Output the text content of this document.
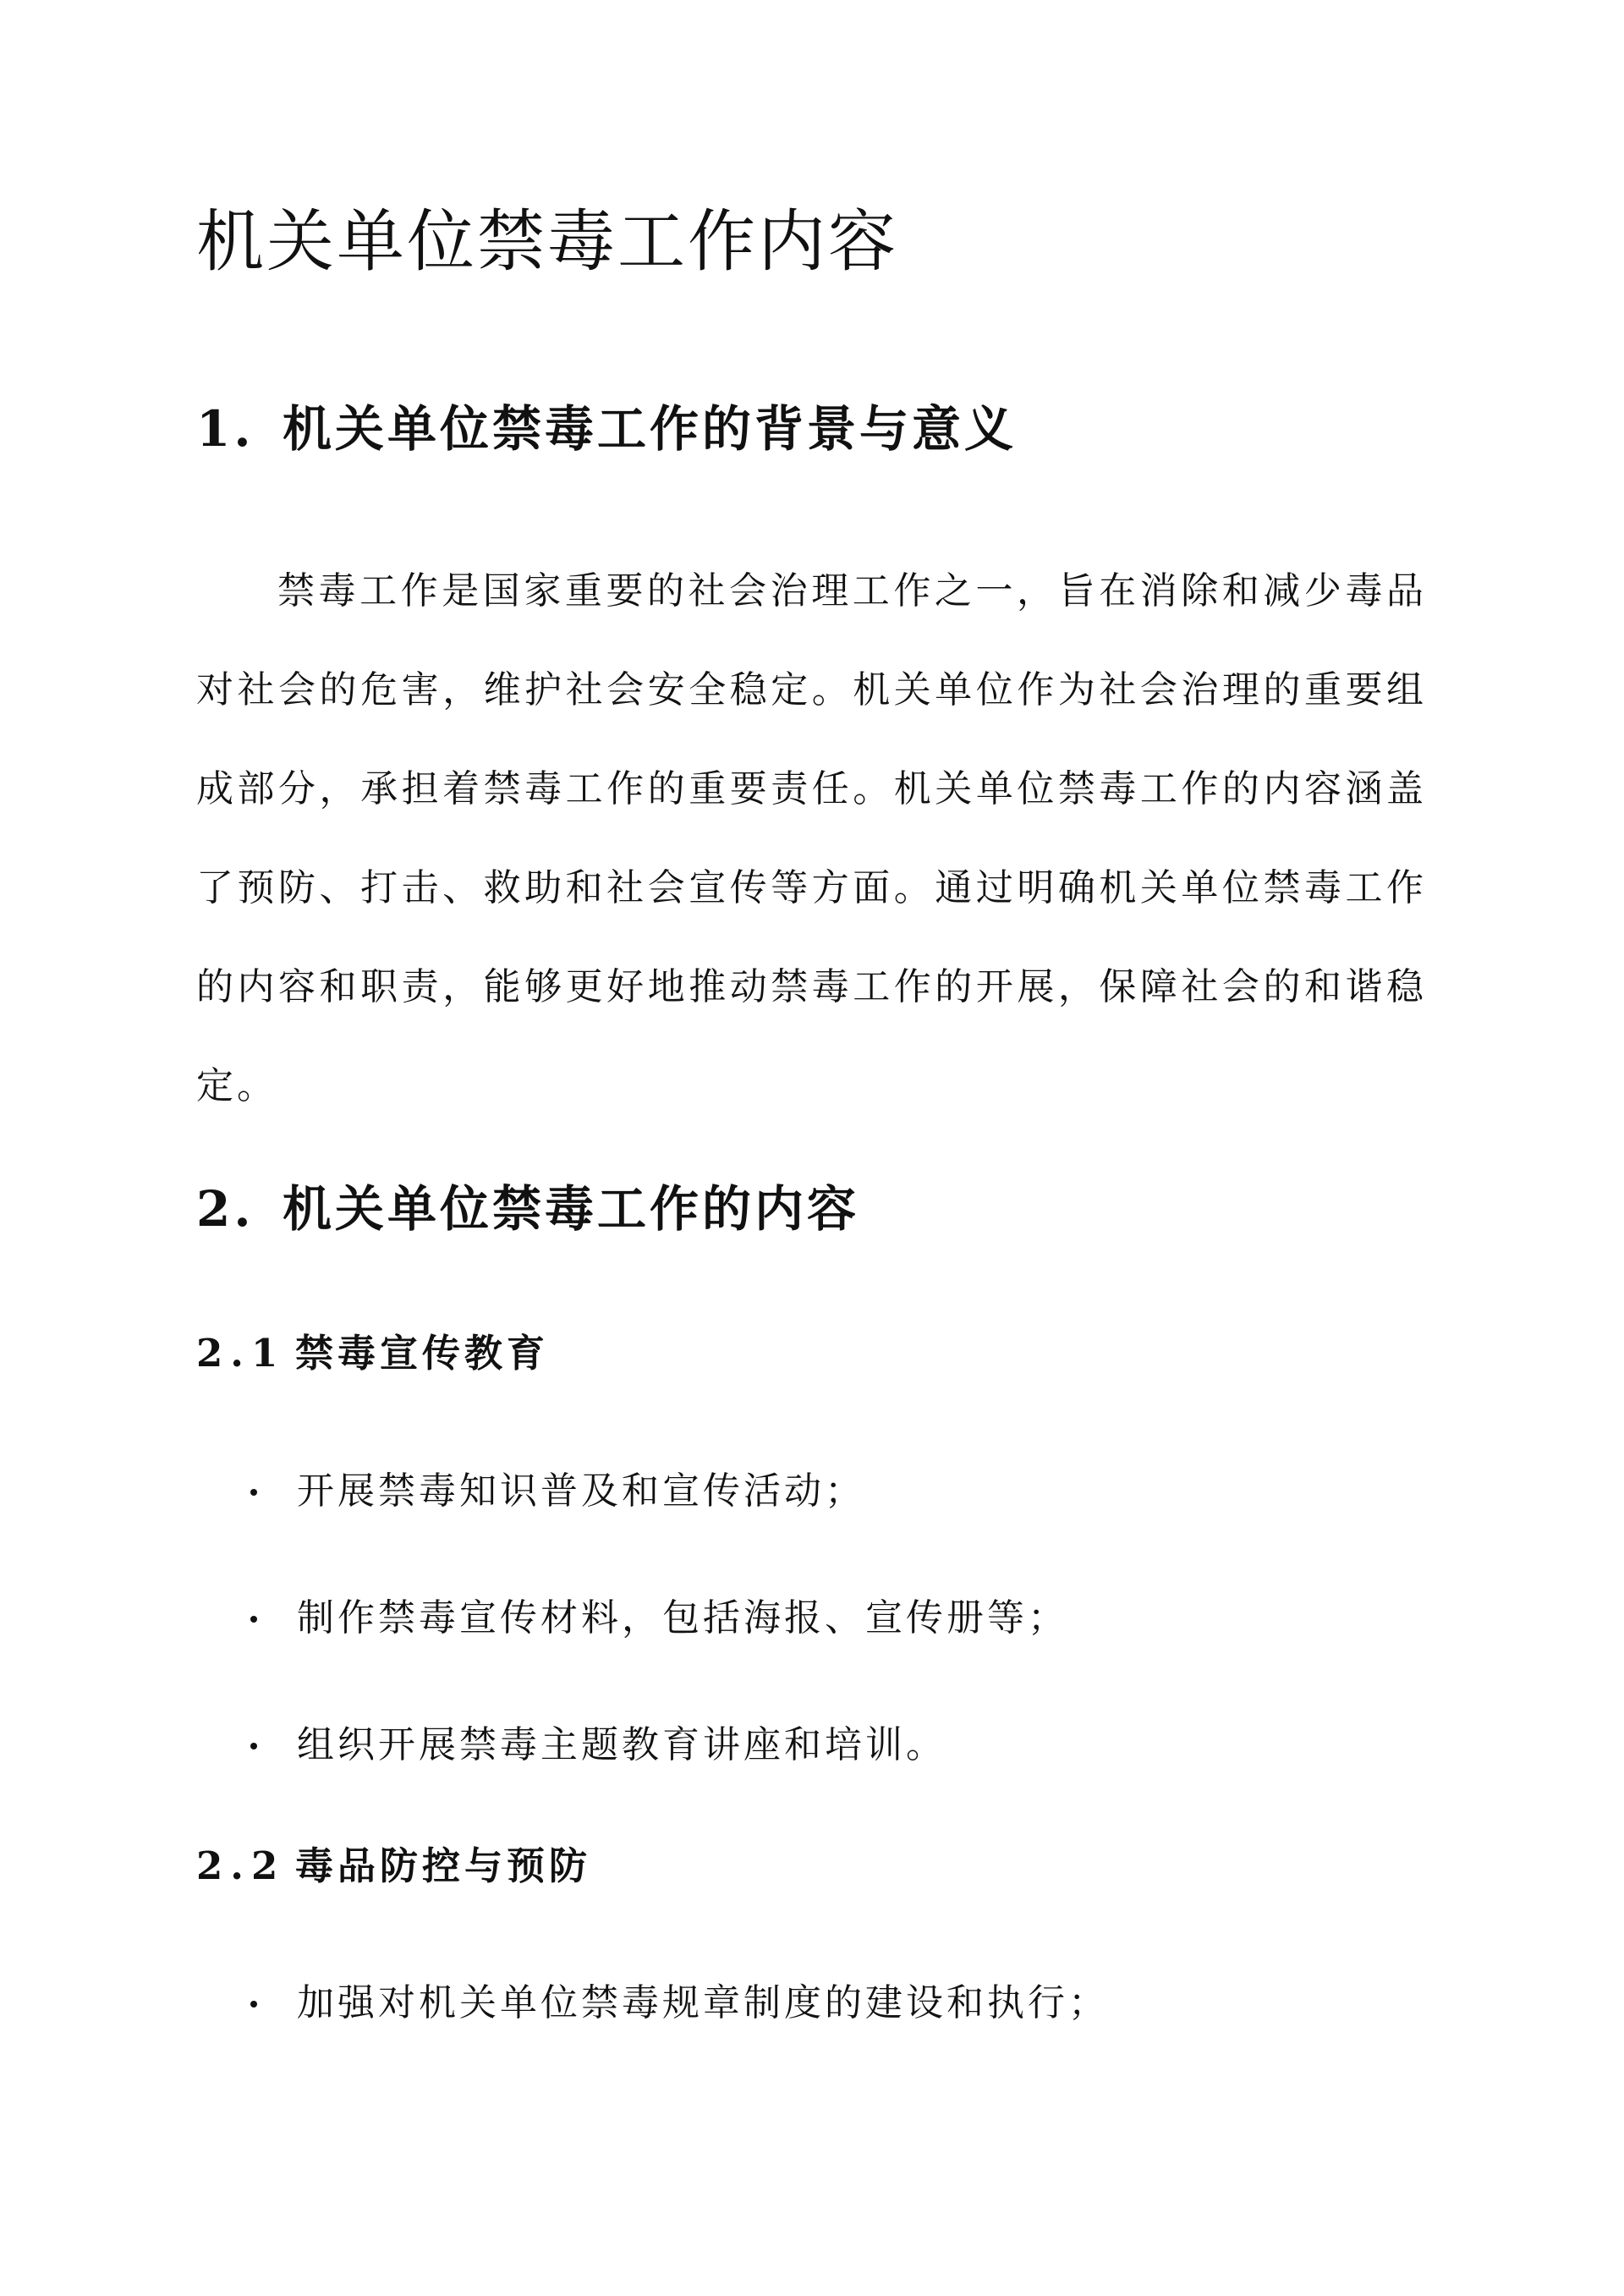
机关单位禁毒工作内容
1. 机关单位禁毒工作的背景与意义

禁毒工作是国家重要的社会治理工作之一，旨在消除和减少毒品对社会的危害，维护社会安全稳定。机关单位作为社会治理的重要组成部分，承担着禁毒工作的重要责任。机关单位禁毒工作的内容涵盖了预防、打击、救助和社会宣传等方面。通过明确机关单位禁毒工作的内容和职责，能够更好地推动禁毒工作的开展，保障社会的和谐稳定。

2. 机关单位禁毒工作的内容
2.1 禁毒宣传教育
开展禁毒知识普及和宣传活动；
制作禁毒宣传材料，包括海报、宣传册等；
组织开展禁毒主题教育讲座和培训。
2.2 毒品防控与预防
加强对机关单位禁毒规章制度的建设和执行；
